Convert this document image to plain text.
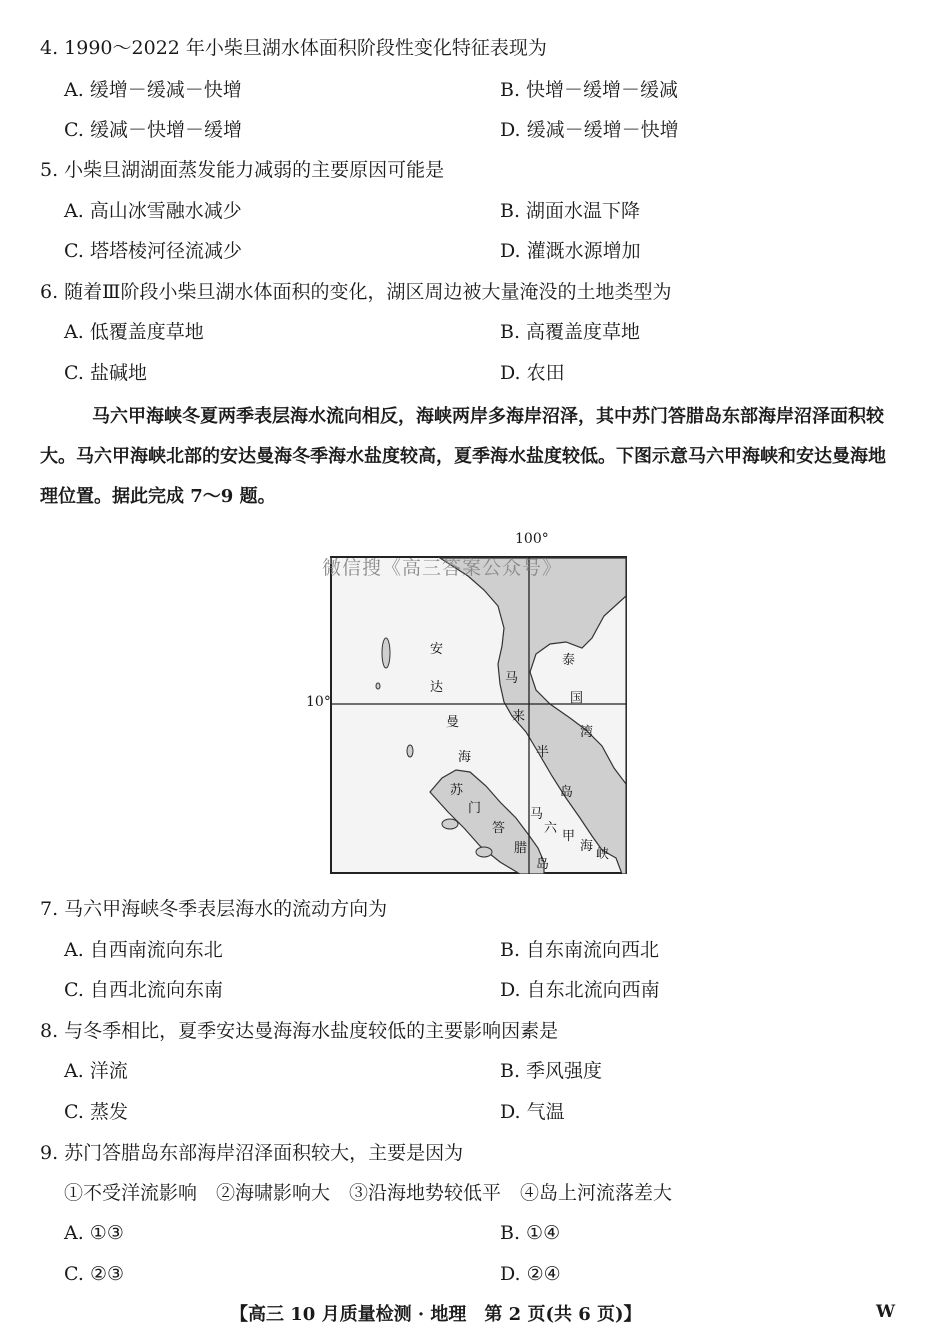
4. 1990～2022 年小柴旦湖水体面积阶段性变化特征表现为
A. 缓增－缓减－快增	B. 快增－缓增－缓减
C. 缓减－快增－缓增	D. 缓减－缓增－快增
5. 小柴旦湖湖面蒸发能力减弱的主要原因可能是
A. 高山冰雪融水减少	B. 湖面水温下降
C. 塔塔棱河径流减少	D. 灌溉水源增加
6. 随着Ⅲ阶段小柴旦湖水体面积的变化，湖区周边被大量淹没的土地类型为
A. 低覆盖度草地	B. 高覆盖度草地
C. 盐碱地	D. 农田
马六甲海峡冬夏两季表层海水流向相反，海峡两岸多海岸沼泽，其中苏门答腊岛东部海岸沼泽面积较大。马六甲海峡北部的安达曼海冬季海水盐度较高，夏季海水盐度较低。下图示意马六甲海峡和安达曼海地理位置。据此完成 7～9 题。
100°
10°
安
达
曼
海
马
来
半
岛
泰
国
湾
苏
门
答
腊
岛
马
六
甲
海
峡
微信搜《高三答案公众号》
7. 马六甲海峡冬季表层海水的流动方向为
A. 自西南流向东北	B. 自东南流向西北
C. 自西北流向东南	D. 自东北流向西南
8. 与冬季相比，夏季安达曼海海水盐度较低的主要影响因素是
A. 洋流	B. 季风强度
C. 蒸发	D. 气温
9. 苏门答腊岛东部海岸沼泽面积较大，主要是因为
①不受洋流影响　②海啸影响大　③沿海地势较低平　④岛上河流落差大
A. ①③	B. ①④
C. ②③	D. ②④
【高三 10 月质量检测 · 地理　第 2 页(共 6 页)】	W
